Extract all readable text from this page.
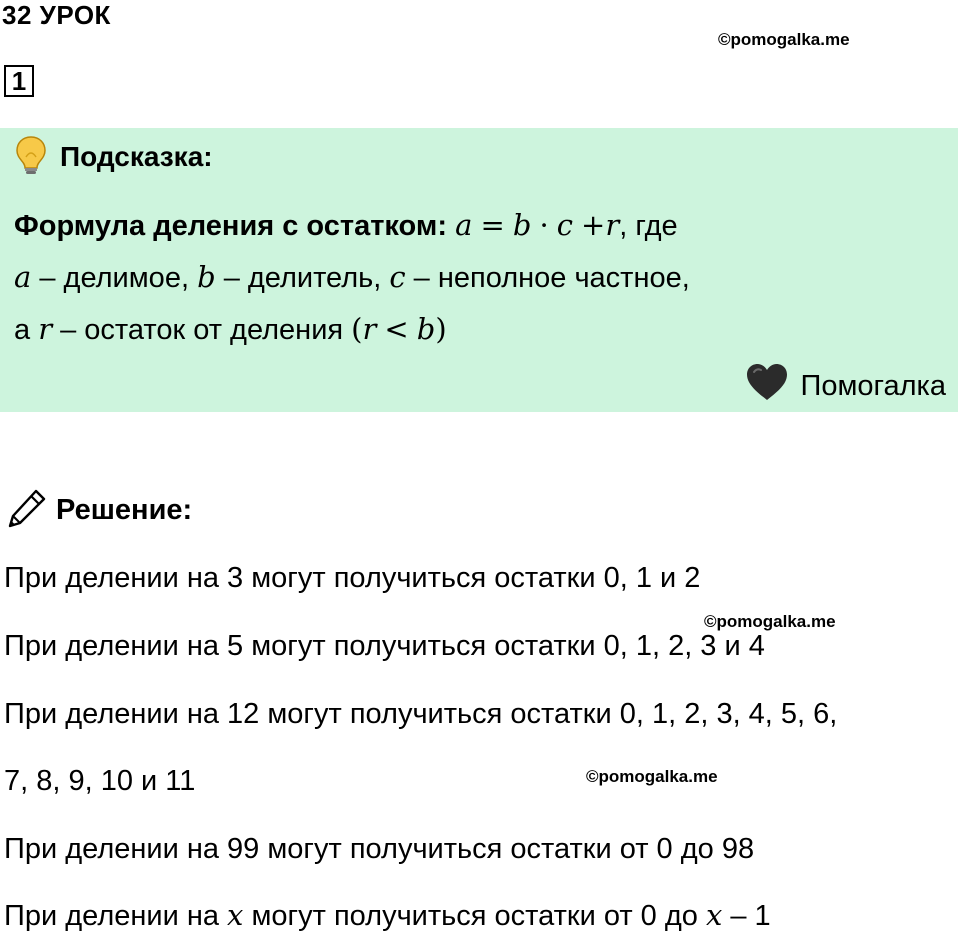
32 УРОК
©pomogalka.me
1
Подсказка:
Формула деления с остатком: a = b · c +r, где
a – делимое, b – делитель, c – неполное частное,
а r – остаток от деления (r < b)
Помогалка
Решение:
При делении на 3 могут получиться остатки 0, 1 и 2
©pomogalka.me
При делении на 5 могут получиться остатки 0, 1, 2, 3 и 4
При делении на 12 могут получиться остатки 0, 1, 2, 3, 4, 5, 6,
7, 8, 9, 10 и 11	©pomogalka.me
При делении на 99 могут получиться остатки от 0 до 98
При делении на x могут получиться остатки от 0 до x – 1
